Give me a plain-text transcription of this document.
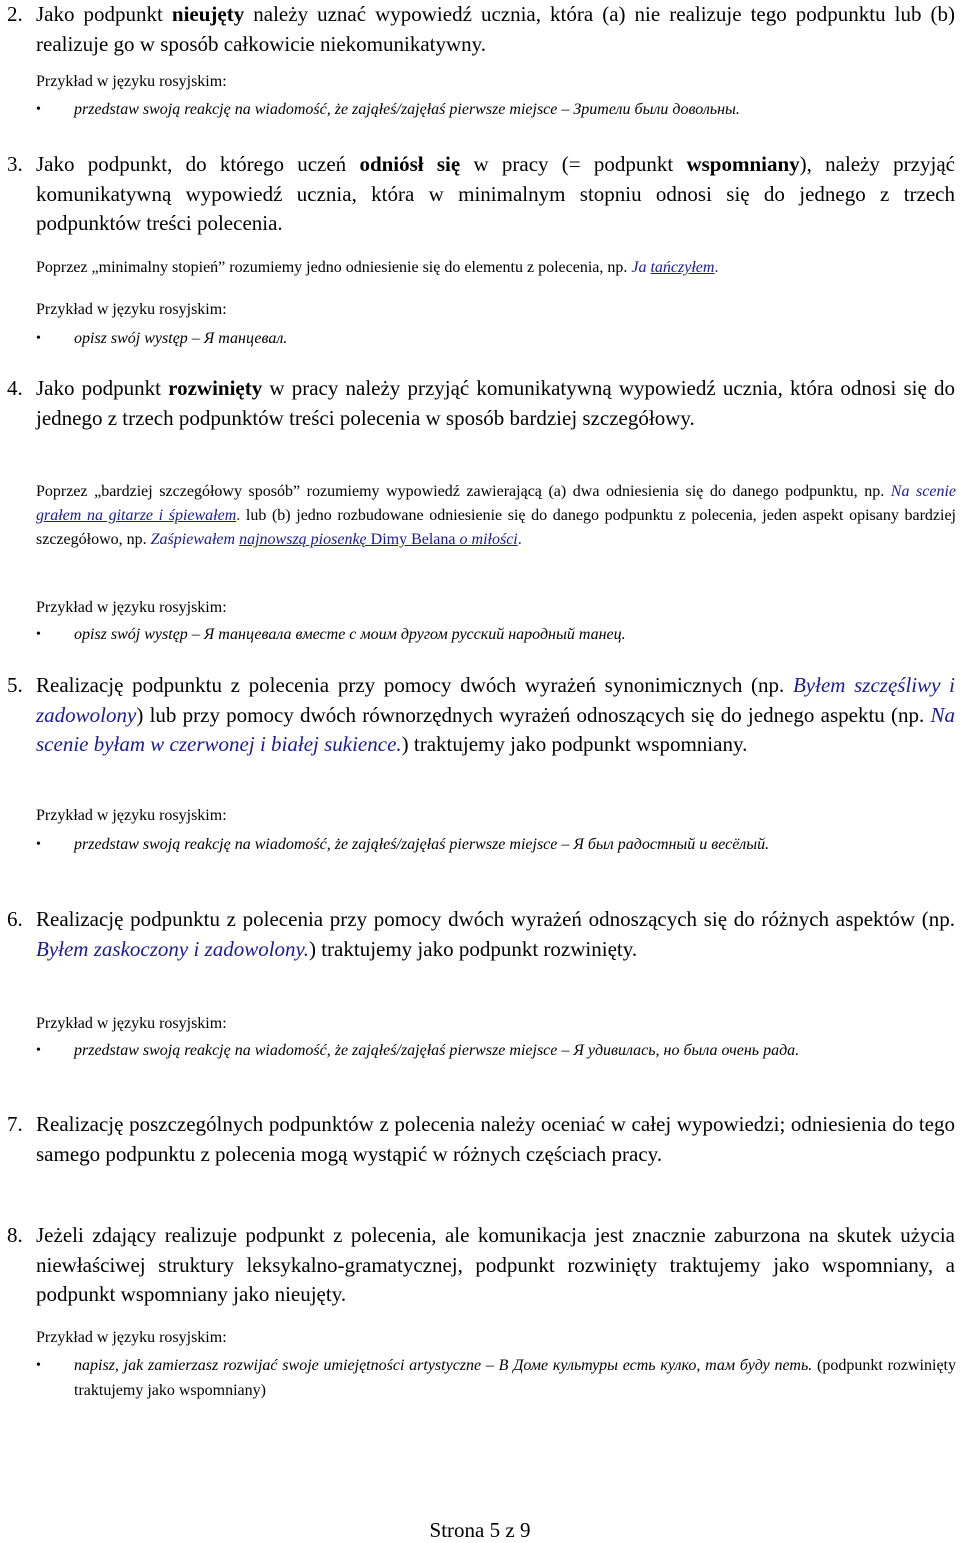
2. Jako podpunkt nieujęty należy uznać wypowiedź ucznia, która (a) nie realizuje tego podpunktu lub (b) realizuje go w sposób całkowicie niekomunikatywny.
Przykład w języku rosyjskim:
• przedstaw swoją reakcję na wiadomość, że zająłeś/zajęłaś pierwsze miejsce – Зрители были довольны.
3. Jako podpunkt, do którego uczeń odniósł się w pracy (= podpunkt wspomniany), należy przyjąć komunikatywną wypowiedź ucznia, która w minimalnym stopniu odnosi się do jednego z trzech podpunktów treści polecenia.
Poprzez „minimalny stopień” rozumiemy jedno odniesienie się do elementu z polecenia, np. Ja tańczyłem.
Przykład w języku rosyjskim:
• opisz swój występ – Я танцевал.
4. Jako podpunkt rozwinięty w pracy należy przyjąć komunikatywną wypowiedź ucznia, która odnosi się do jednego z trzech podpunktów treści polecenia w sposób bardziej szczegółowy.
Poprzez „bardziej szczegółowy sposób” rozumiemy wypowiedź zawierającą (a) dwa odniesienia się do danego podpunktu, np. Na scenie grałem na gitarze i śpiewałem. lub (b) jedno rozbudowane odniesienie się do danego podpunktu z polecenia, jeden aspekt opisany bardziej szczegółowo, np. Zaśpiewałem najnowszą piosenkę Dimy Belana o miłości.
Przykład w języku rosyjskim:
• opisz swój występ – Я танцевала вместе с моим другом русский народный танец.
5. Realizację podpunktu z polecenia przy pomocy dwóch wyrażeń synonimicznych (np. Byłem szczęśliwy i zadowolony) lub przy pomocy dwóch równorzędnych wyrażeń odnoszących się do jednego aspektu (np. Na scenie byłam w czerwonej i białej sukience.) traktujemy jako podpunkt wspomniany.
Przykład w języku rosyjskim:
• przedstaw swoją reakcję na wiadomość, że zająłeś/zajęłaś pierwsze miejsce – Я был радостный и весёлый.
6. Realizację podpunktu z polecenia przy pomocy dwóch wyrażeń odnoszących się do różnych aspektów (np. Byłem zaskoczony i zadowolony.) traktujemy jako podpunkt rozwinięty.
Przykład w języku rosyjskim:
• przedstaw swoją reakcję na wiadomość, że zająłeś/zajęłaś pierwsze miejsce – Я удивилась, но была очень рада.
7. Realizację poszczególnych podpunktów z polecenia należy oceniać w całej wypowiedzi; odniesienia do tego samego podpunktu z polecenia mogą wystąpić w różnych częściach pracy.
8. Jeżeli zdający realizuje podpunkt z polecenia, ale komunikacja jest znacznie zaburzona na skutek użycia niewłaściwej struktury leksykalno-gramatycznej, podpunkt rozwinięty traktujemy jako wspomniany, a podpunkt wspomniany jako nieujęty.
Przykład w języku rosyjskim:
• napisz, jak zamierzasz rozwijać swoje umiejętności artystyczne – В Доме культуры есть кулко, там буду петь. (podpunkt rozwinięty traktujemy jako wspomniany)
Strona 5 z 9
